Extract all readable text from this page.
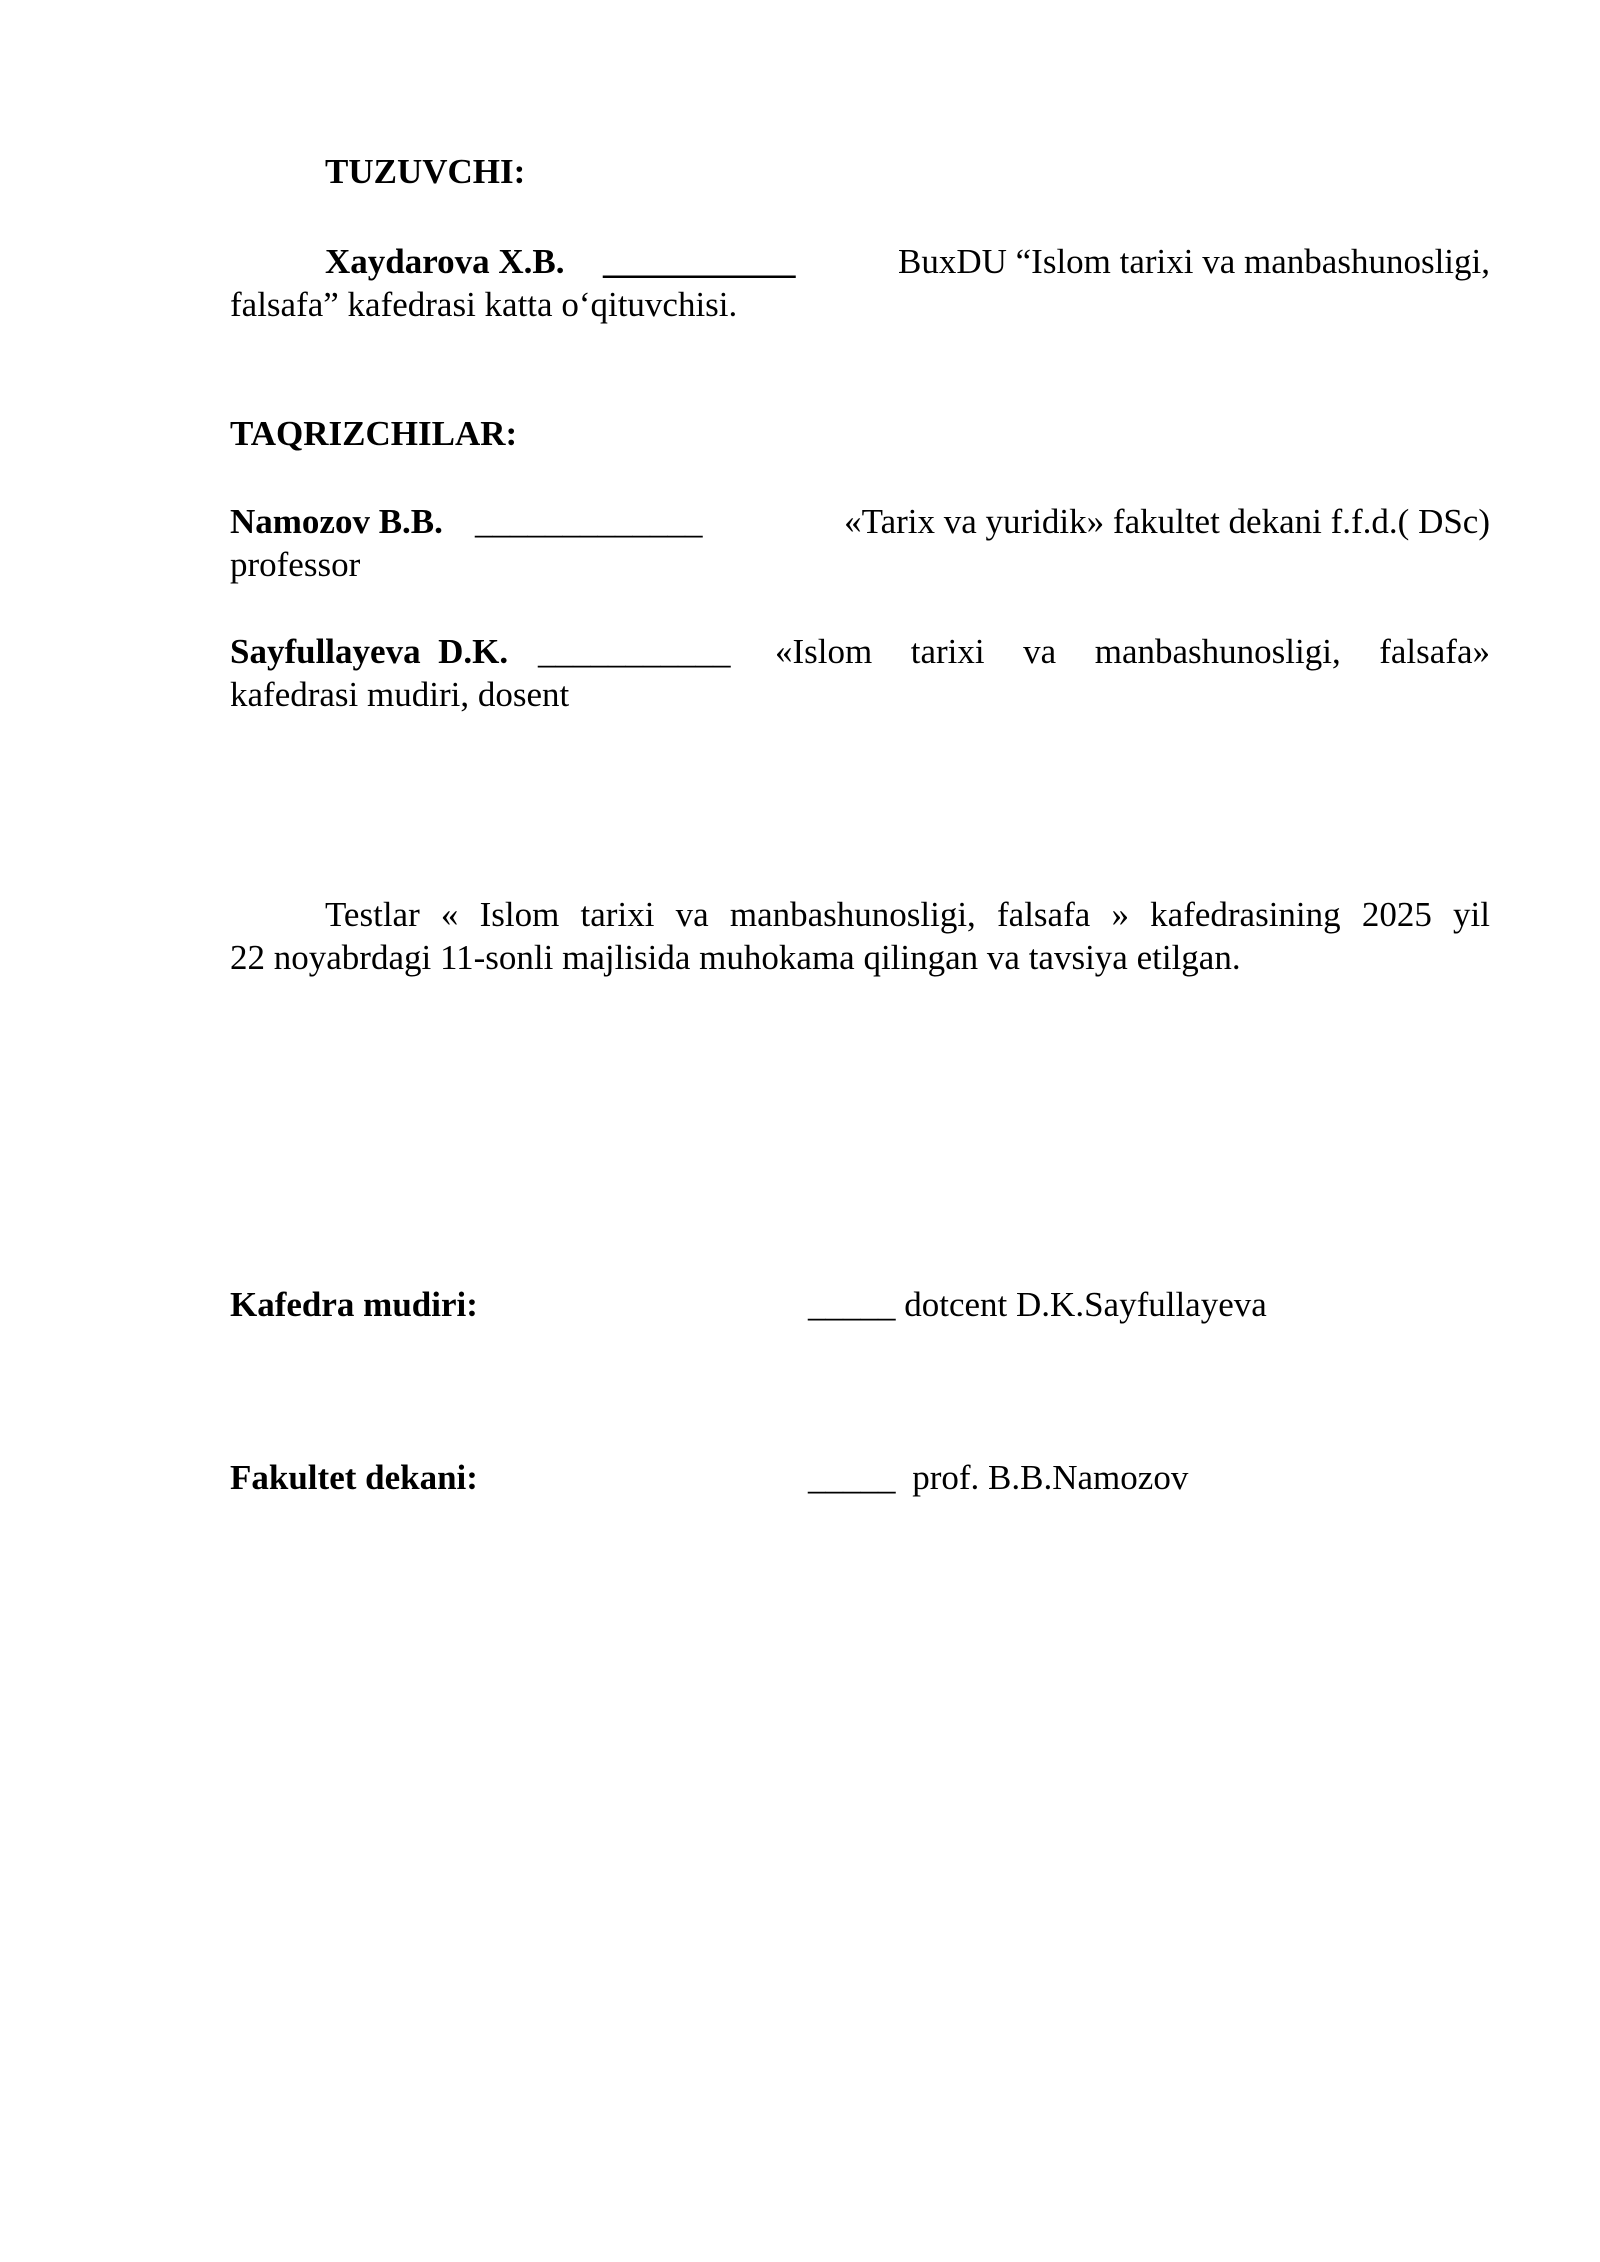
TUZUVCHI:
Xaydarova X.B. ___________	BuxDU “Islom tarixi va manbashunosligi,
falsafa” kafedrasi katta o‘qituvchisi.
TAQRIZCHILAR:
Namozov B.B. _____________	«Tarix va yuridik» fakultet dekani f.f.d.( DSc)
professor
Sayfullayeva  D.K. ___________ «Islom tarixi va manbashunosligi, falsafa»
kafedrasi mudiri, dosent
Testlar « Islom tarixi va manbashunosligi, falsafa » kafedrasining 2025 yil
22 noyabrdagi 11-sonli majlisida muhokama qilingan va tavsiya etilgan.
Kafedra mudiri:	_____ dotcent D.K.Sayfullayeva
Fakultet dekani:	_____ prof. B.B.Namozov
